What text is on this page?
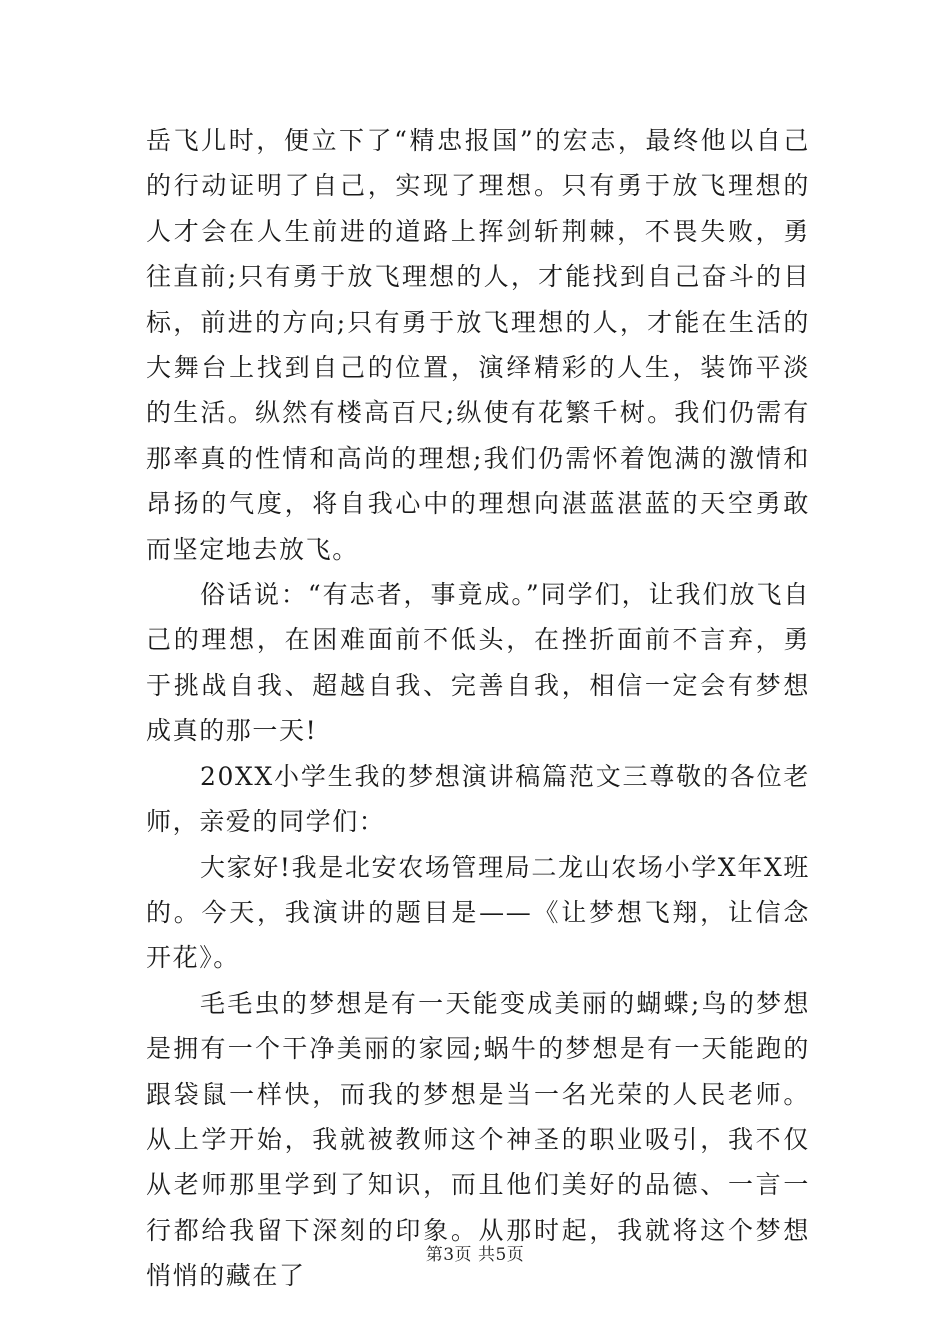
岳飞儿时，便立下了“精忠报国”的宏志，最终他以自己的行动证明了自己，实现了理想。只有勇于放飞理想的人才会在人生前进的道路上挥剑斩荆棘，不畏失败，勇往直前;只有勇于放飞理想的人，才能找到自己奋斗的目标，前进的方向;只有勇于放飞理想的人，才能在生活的大舞台上找到自己的位置，演绎精彩的人生，装饰平淡的生活。纵然有楼高百尺;纵使有花繁千树。我们仍需有那率真的性情和高尚的理想;我们仍需怀着饱满的激情和昂扬的气度，将自我心中的理想向湛蓝湛蓝的天空勇敢而坚定地去放飞。

俗话说：“有志者，事竟成。”同学们，让我们放飞自己的理想，在困难面前不低头，在挫折面前不言弃，勇于挑战自我、超越自我、完善自我，相信一定会有梦想成真的那一天!

20XX小学生我的梦想演讲稿篇范文三尊敬的各位老师，亲爱的同学们：

大家好!我是北安农场管理局二龙山农场小学X年X班的。今天，我演讲的题目是——《让梦想飞翔，让信念开花》。

毛毛虫的梦想是有一天能变成美丽的蝴蝶;鸟的梦想是拥有一个干净美丽的家园;蜗牛的梦想是有一天能跑的跟袋鼠一样快，而我的梦想是当一名光荣的人民老师。从上学开始，我就被教师这个神圣的职业吸引，我不仅从老师那里学到了知识，而且他们美好的品德、一言一行都给我留下深刻的印象。从那时起，我就将这个梦想悄悄的藏在了

第3页 共5页
